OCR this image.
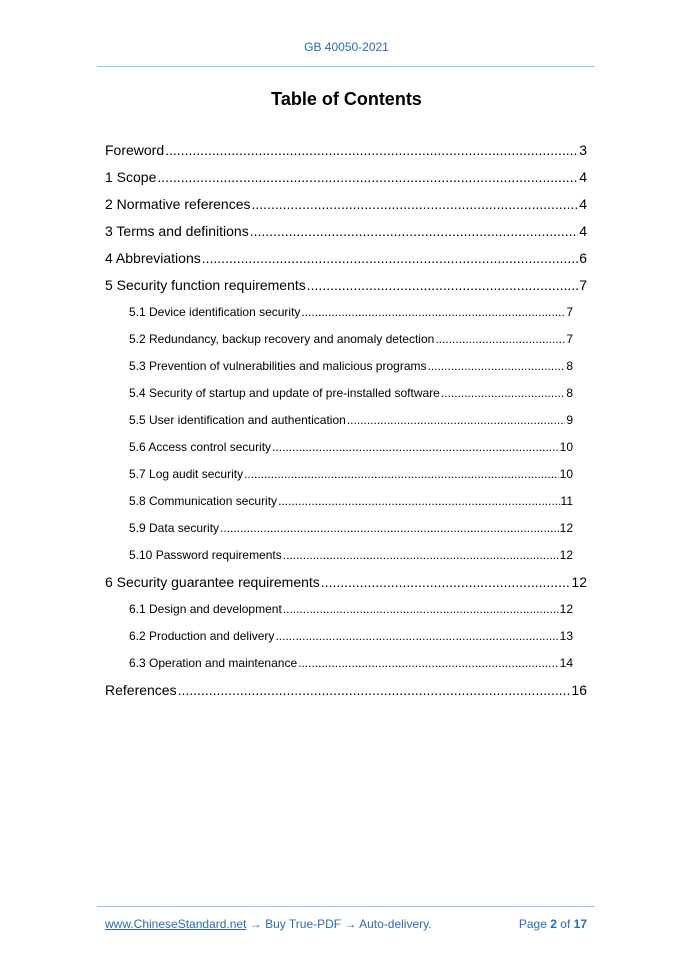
GB 40050-2021
Table of Contents
Foreword .....	3
1 Scope .....	4
2 Normative references .....	4
3 Terms and definitions .....	4
4 Abbreviations .....	6
5 Security function requirements .....	7
5.1 Device identification security .....	7
5.2 Redundancy, backup recovery and anomaly detection .....	7
5.3 Prevention of vulnerabilities and malicious programs .....	8
5.4 Security of startup and update of pre-installed software .....	8
5.5 User identification and authentication .....	9
5.6 Access control security .....	10
5.7 Log audit security .....	10
5.8 Communication security .....	11
5.9 Data security .....	12
5.10 Password requirements .....	12
6 Security guarantee requirements .....	12
6.1 Design and development .....	12
6.2 Production and delivery .....	13
6.3 Operation and maintenance .....	14
References .....	16
www.ChineseStandard.net → Buy True-PDF → Auto-delivery.	Page 2 of 17
